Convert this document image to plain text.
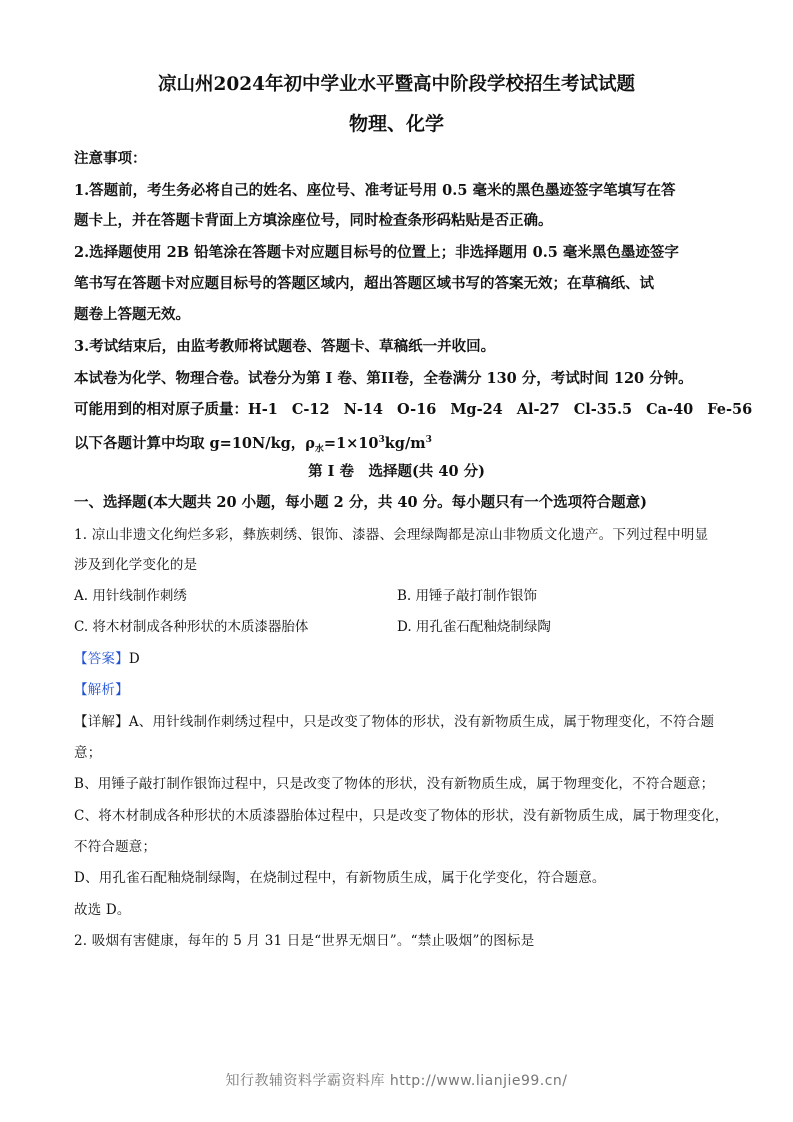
凉山州2024年初中学业水平暨高中阶段学校招生考试试题
物理、化学
注意事项：
1.答题前，考生务必将自己的姓名、座位号、准考证号用 0.5 毫米的黑色墨迹签字笔填写在答
题卡上，并在答题卡背面上方填涂座位号，同时检查条形码粘贴是否正确。
2.选择题使用 2B 铅笔涂在答题卡对应题目标号的位置上；非选择题用 0.5 毫米黑色墨迹签字
笔书写在答题卡对应题目标号的答题区域内，超出答题区域书写的答案无效；在草稿纸、试
题卷上答题无效。
3.考试结束后，由监考教师将试题卷、答题卡、草稿纸一并收回。
本试卷为化学、物理合卷。试卷分为第 I 卷、第II卷，全卷满分 130 分，考试时间 120 分钟。
可能用到的相对原子质量：H-1 C-12 N-14 O-16 Mg-24 Al-27 Cl-35.5 Ca-40 Fe-56
以下各题计算中均取 g=10N/kg，$\rho_水=1\times 10^3kg/m^3$
第 I 卷　选择题(共 40 分)
一、选择题(本大题共 20 小题，每小题 2 分，共 40 分。每小题只有一个选项符合题意)
1. 凉山非遗文化绚烂多彩，彝族刺绣、银饰、漆器、会理绿陶都是凉山非物质文化遗产。下列过程中明显
涉及到化学变化的是
A. 用针线制作刺绣	B. 用锤子敲打制作银饰
C. 将木材制成各种形状的木质漆器胎体	D. 用孔雀石配釉烧制绿陶
【答案】D
【解析】
【详解】A、用针线制作刺绣过程中，只是改变了物体的形状，没有新物质生成，属于物理变化，不符合题
意；
B、用锤子敲打制作银饰过程中，只是改变了物体的形状，没有新物质生成，属于物理变化，不符合题意；
C、将木材制成各种形状的木质漆器胎体过程中，只是改变了物体的形状，没有新物质生成，属于物理变化，
不符合题意；
D、用孔雀石配釉烧制绿陶，在烧制过程中，有新物质生成，属于化学变化，符合题意。
故选 D。
2. 吸烟有害健康，每年的 5 月 31 日是“世界无烟日”。“禁止吸烟”的图标是
知行教辅资料学霸资料库 http://www.lianjie99.cn/
